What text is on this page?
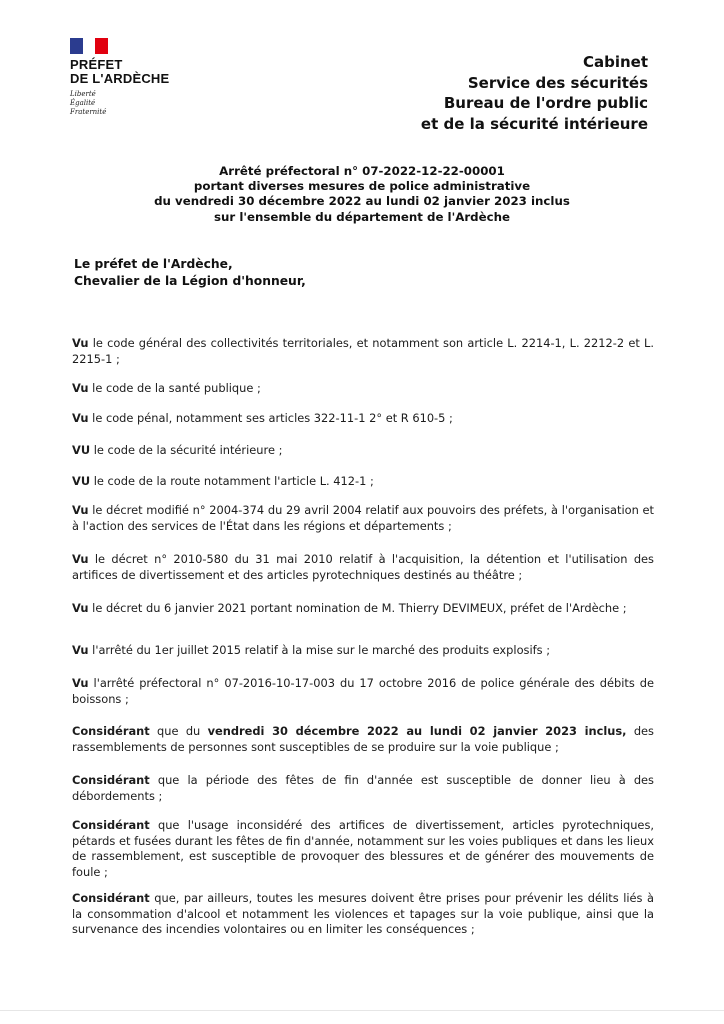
PRÉFET
DE L'ARDÈCHE
Liberté
Égalité
Fraternité
Cabinet
Service des sécurités
Bureau de l'ordre public
et de la sécurité intérieure
Arrêté préfectoral n° 07-2022-12-22-00001
portant diverses mesures de police administrative
du vendredi 30 décembre 2022 au lundi 02 janvier 2023 inclus
sur l'ensemble du département de l'Ardèche
Le préfet de l'Ardèche,
Chevalier de la Légion d'honneur,

Vu le code général des collectivités territoriales, et notamment son article L. 2214-1, L. 2212-2 et L. 2215-1 ;

Vu le code de la santé publique ;

Vu le code pénal, notamment ses articles 322-11-1 2° et R 610-5 ;

VU le code de la sécurité intérieure ;

VU le code de la route notamment l'article L. 412-1 ;

Vu le décret modifié n° 2004-374 du 29 avril 2004 relatif aux pouvoirs des préfets, à l'organisation et à l'action des services de l'État dans les régions et départements ;

Vu le décret n° 2010-580 du 31 mai 2010 relatif à l'acquisition, la détention et l'utilisation des artifices de divertissement et des articles pyrotechniques destinés au théâtre ;

Vu le décret du 6 janvier 2021 portant nomination de M. Thierry DEVIMEUX, préfet de l'Ardèche ;

Vu l'arrêté du 1er juillet 2015 relatif à la mise sur le marché des produits explosifs ;

Vu l'arrêté préfectoral n° 07-2016-10-17-003 du 17 octobre 2016 de police générale des débits de boissons ;

Considérant que du vendredi 30 décembre 2022 au lundi 02 janvier 2023 inclus, des rassemblements de personnes sont susceptibles de se produire sur la voie publique ;

Considérant que la période des fêtes de fin d'année est susceptible de donner lieu à des débordements ;

Considérant que l'usage inconsidéré des artifices de divertissement, articles pyrotechniques, pétards et fusées durant les fêtes de fin d'année, notamment sur les voies publiques et dans les lieux de rassemblement, est susceptible de provoquer des blessures et de générer des mouvements de foule ;

Considérant que, par ailleurs, toutes les mesures doivent être prises pour prévenir les délits liés à la consommation d'alcool et notamment les violences et tapages sur la voie publique, ainsi que la survenance des incendies volontaires ou en limiter les conséquences ;
